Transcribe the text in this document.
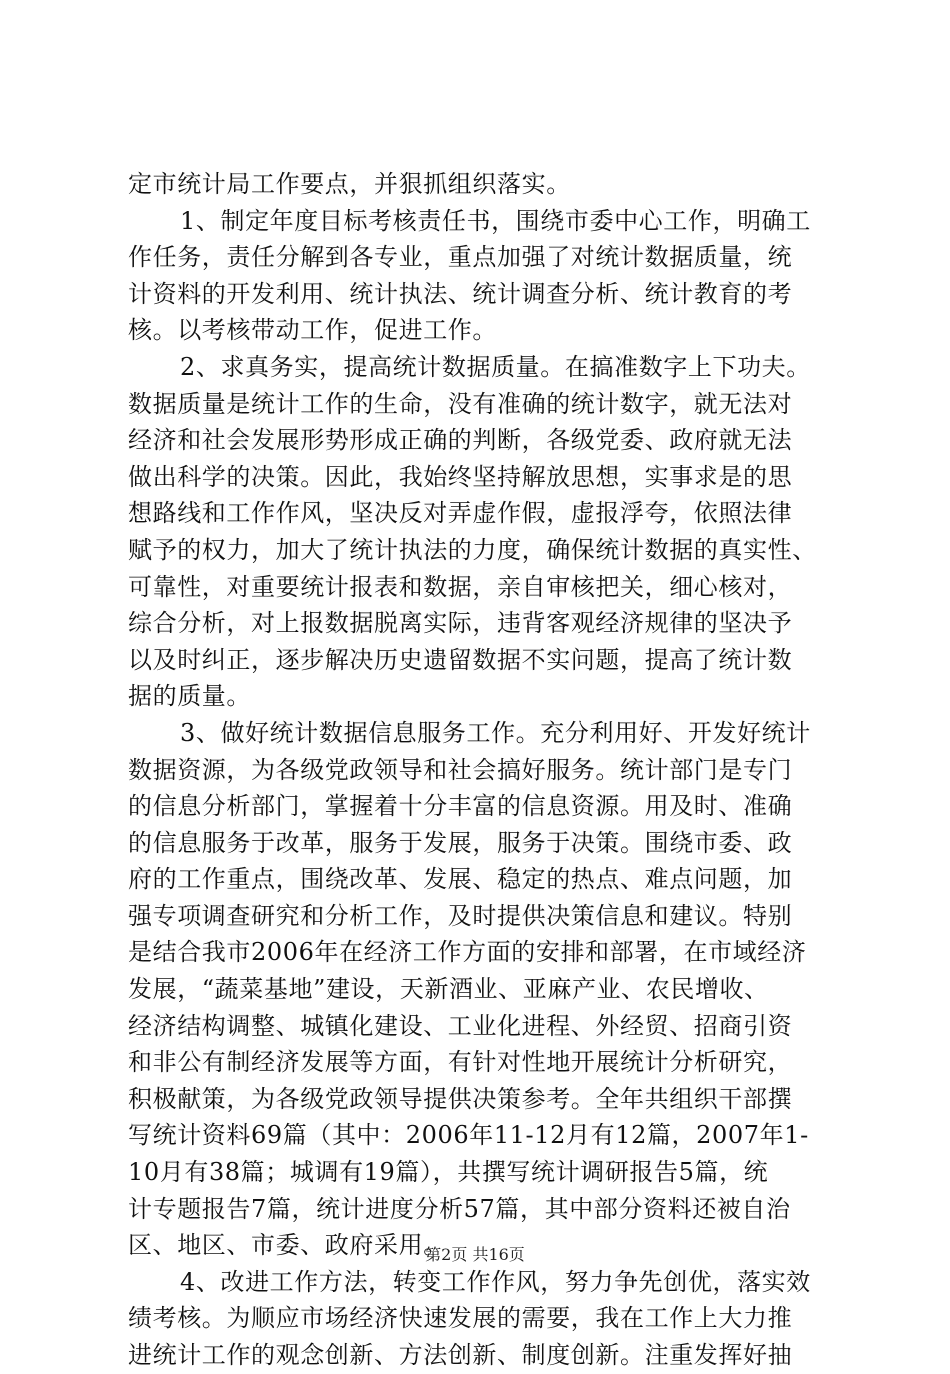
定市统计局工作要点，并狠抓组织落实。
1、制定年度目标考核责任书，围绕市委中心工作，明确工
作任务，责任分解到各专业，重点加强了对统计数据质量，统
计资料的开发利用、统计执法、统计调查分析、统计教育的考
核。以考核带动工作，促进工作。
2、求真务实，提高统计数据质量。在搞准数字上下功夫。
数据质量是统计工作的生命，没有准确的统计数字，就无法对
经济和社会发展形势形成正确的判断，各级党委、政府就无法
做出科学的决策。因此，我始终坚持解放思想，实事求是的思
想路线和工作作风，坚决反对弄虚作假，虚报浮夸，依照法律
赋予的权力，加大了统计执法的力度，确保统计数据的真实性、
可靠性，对重要统计报表和数据，亲自审核把关，细心核对，
综合分析，对上报数据脱离实际，违背客观经济规律的坚决予
以及时纠正，逐步解决历史遗留数据不实问题，提高了统计数
据的质量。
3、做好统计数据信息服务工作。充分利用好、开发好统计
数据资源，为各级党政领导和社会搞好服务。统计部门是专门
的信息分析部门，掌握着十分丰富的信息资源。用及时、准确
的信息服务于改革，服务于发展，服务于决策。围绕市委、政
府的工作重点，围绕改革、发展、稳定的热点、难点问题，加
强专项调查研究和分析工作，及时提供决策信息和建议。特别
是结合我市2006年在经济工作方面的安排和部署，在市域经济
发展，“蔬菜基地”建设，天新酒业、亚麻产业、农民增收、
经济结构调整、城镇化建设、工业化进程、外经贸、招商引资
和非公有制经济发展等方面，有针对性地开展统计分析研究，
积极献策，为各级党政领导提供决策参考。全年共组织干部撰
写统计资料69篇（其中：2006年11-12月有12篇，2007年1-
10月有38篇；城调有19篇），共撰写统计调研报告5篇，统
计专题报告7篇，统计进度分析57篇，其中部分资料还被自治
区、地区、市委、政府采用。
4、改进工作方法，转变工作作风，努力争先创优，落实效
绩考核。为顺应市场经济快速发展的需要，我在工作上大力推
进统计工作的观念创新、方法创新、制度创新。注重发挥好抽
第2页 共16页
